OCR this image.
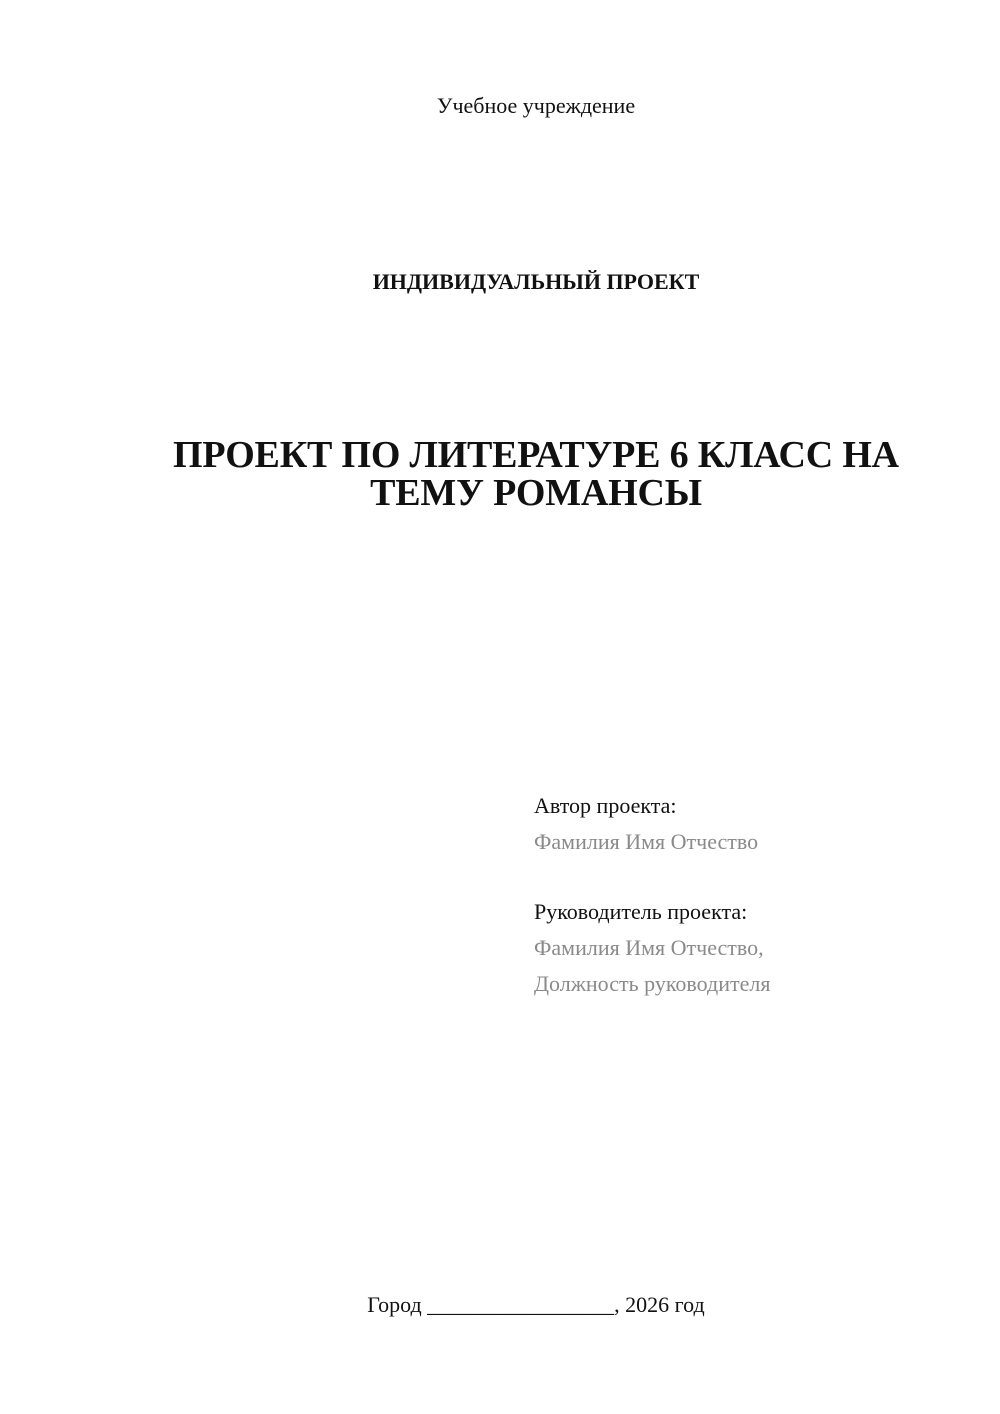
Учебное учреждение
ИНДИВИДУАЛЬНЫЙ ПРОЕКТ
ПРОЕКТ ПО ЛИТЕРАТУРЕ 6 КЛАСС НА
ТЕМУ РОМАНСЫ
Автор проекта:
Фамилия Имя Отчество
Руководитель проекта:
Фамилия Имя Отчество,
Должность руководителя
Город _________________, 2026 год
